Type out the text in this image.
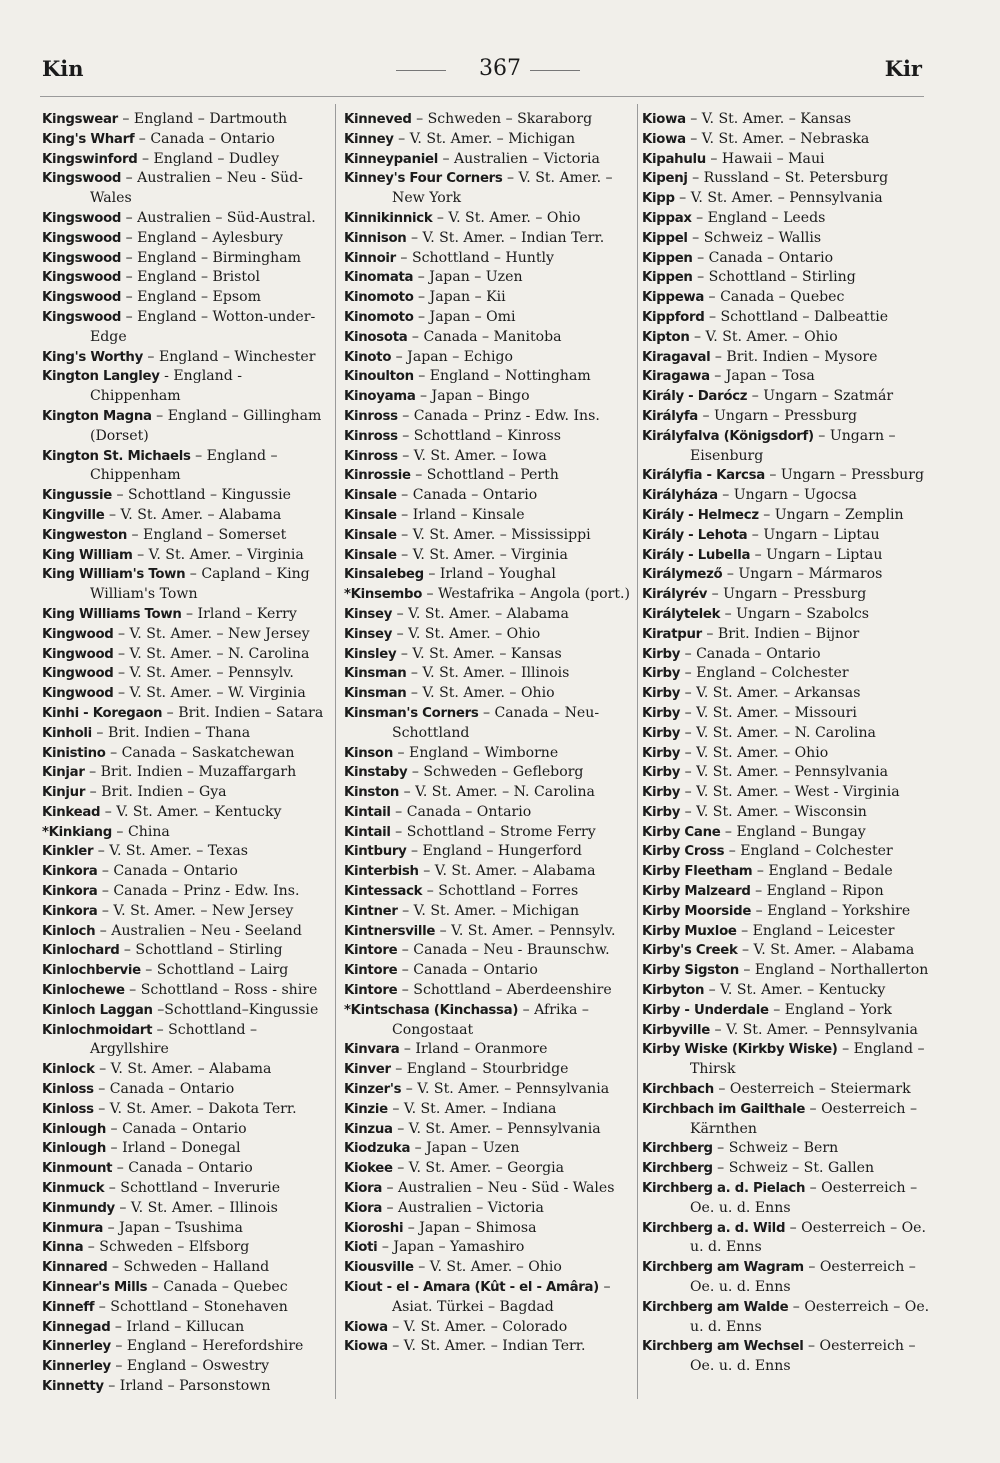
Kin	367	Kir
Kingswear – England – Dartmouth
King's Wharf – Canada – Ontario
Kingswinford – England – Dudley
Kingswood – Australien – Neu - Süd-Wales
Kingswood – Australien – Süd-Austral.
Kingswood – England – Aylesbury
Kingswood – England – Birmingham
Kingswood – England – Bristol
Kingswood – England – Epsom
Kingswood – England – Wotton-under-Edge
King's Worthy – England – Winchester
Kington Langley - England - Chippenham
Kington Magna – England – Gillingham (Dorset)
Kington St. Michaels – England – Chippenham
Kingussie – Schottland – Kingussie
Kingville – V. St. Amer. – Alabama
Kingweston – England – Somerset
King William – V. St. Amer. – Virginia
King William's Town – Capland – King William's Town
King Williams Town – Irland – Kerry
Kingwood – V. St. Amer. – New Jersey
Kingwood – V. St. Amer. – N. Carolina
Kingwood – V. St. Amer. – Pennsylv.
Kingwood – V. St. Amer. – W. Virginia
Kinhi - Koregaon – Brit. Indien – Satara
Kinholi – Brit. Indien – Thana
Kinistino – Canada – Saskatchewan
Kinjar – Brit. Indien – Muzaffargarh
Kinjur – Brit. Indien – Gya
Kinkead – V. St. Amer. – Kentucky
*Kinkiang – China
Kinkler – V. St. Amer. – Texas
Kinkora – Canada – Ontario
Kinkora – Canada – Prinz - Edw. Ins.
Kinkora – V. St. Amer. – New Jersey
Kinloch – Australien – Neu - Seeland
Kinlochard – Schottland – Stirling
Kinlochbervie – Schottland – Lairg
Kinlochewe – Schottland – Ross - shire
Kinloch Laggan –Schottland–Kingussie
Kinlochmoidart – Schottland – Argyllshire
Kinlock – V. St. Amer. – Alabama
Kinloss – Canada – Ontario
Kinloss – V. St. Amer. – Dakota Terr.
Kinlough – Canada – Ontario
Kinlough – Irland – Donegal
Kinmount – Canada – Ontario
Kinmuck – Schottland – Inverurie
Kinmundy – V. St. Amer. – Illinois
Kinmura – Japan – Tsushima
Kinna – Schweden – Elfsborg
Kinnared – Schweden – Halland
Kinnear's Mills – Canada – Quebec
Kinneff – Schottland – Stonehaven
Kinnegad – Irland – Killucan
Kinnerley – England – Herefordshire
Kinnerley – England – Oswestry
Kinnetty – Irland – Parsonstown
Kinneved – Schweden – Skaraborg
Kinney – V. St. Amer. – Michigan
Kinneypaniel – Australien – Victoria
Kinney's Four Corners – V. St. Amer. – New York
Kinnikinnick – V. St. Amer. – Ohio
Kinnison – V. St. Amer. – Indian Terr.
Kinnoir – Schottland – Huntly
Kinomata – Japan – Uzen
Kinomoto – Japan – Kii
Kinomoto – Japan – Omi
Kinosota – Canada – Manitoba
Kinoto – Japan – Echigo
Kinoulton – England – Nottingham
Kinoyama – Japan – Bingo
Kinross – Canada – Prinz - Edw. Ins.
Kinross – Schottland – Kinross
Kinross – V. St. Amer. – Iowa
Kinrossie – Schottland – Perth
Kinsale – Canada – Ontario
Kinsale – Irland – Kinsale
Kinsale – V. St. Amer. – Mississippi
Kinsale – V. St. Amer. – Virginia
Kinsalebeg – Irland – Youghal
*Kinsembo – Westafrika – Angola (port.)
Kinsey – V. St. Amer. – Alabama
Kinsey – V. St. Amer. – Ohio
Kinsley – V. St. Amer. – Kansas
Kinsman – V. St. Amer. – Illinois
Kinsman – V. St. Amer. – Ohio
Kinsman's Corners – Canada – Neu-Schottland
Kinson – England – Wimborne
Kinstaby – Schweden – Gefleborg
Kinston – V. St. Amer. – N. Carolina
Kintail – Canada – Ontario
Kintail – Schottland – Strome Ferry
Kintbury – England – Hungerford
Kinterbish – V. St. Amer. – Alabama
Kintessack – Schottland – Forres
Kintner – V. St. Amer. – Michigan
Kintnersville – V. St. Amer. – Pennsylv.
Kintore – Canada – Neu - Braunschw.
Kintore – Canada – Ontario
Kintore – Schottland – Aberdeenshire
*Kintschasa (Kinchassa) – Afrika – Congostaat
Kinvara – Irland – Oranmore
Kinver – England – Stourbridge
Kinzer's – V. St. Amer. – Pennsylvania
Kinzie – V. St. Amer. – Indiana
Kinzua – V. St. Amer. – Pennsylvania
Kiodzuka – Japan – Uzen
Kiokee – V. St. Amer. – Georgia
Kiora – Australien – Neu - Süd - Wales
Kiora – Australien – Victoria
Kioroshi – Japan – Shimosa
Kioti – Japan – Yamashiro
Kiousville – V. St. Amer. – Ohio
Kiout - el - Amara (Kût - el - Amâra) – Asiat. Türkei – Bagdad
Kiowa – V. St. Amer. – Colorado
Kiowa – V. St. Amer. – Indian Terr.
Kiowa – V. St. Amer. – Kansas
Kiowa – V. St. Amer. – Nebraska
Kipahulu – Hawaii – Maui
Kipenj – Russland – St. Petersburg
Kipp – V. St. Amer. – Pennsylvania
Kippax – England – Leeds
Kippel – Schweiz – Wallis
Kippen – Canada – Ontario
Kippen – Schottland – Stirling
Kippewa – Canada – Quebec
Kippford – Schottland – Dalbeattie
Kipton – V. St. Amer. – Ohio
Kiragaval – Brit. Indien – Mysore
Kiragawa – Japan – Tosa
Király - Darócz – Ungarn – Szatmár
Királyfa – Ungarn – Pressburg
Királyfalva (Königsdorf) – Ungarn – Eisenburg
Királyfia - Karcsa – Ungarn – Pressburg
Királyháza – Ungarn – Ugocsa
Király - Helmecz – Ungarn – Zemplin
Király - Lehota – Ungarn – Liptau
Király - Lubella – Ungarn – Liptau
Királymező – Ungarn – Mármaros
Királyrév – Ungarn – Pressburg
Királytelek – Ungarn – Szabolcs
Kiratpur – Brit. Indien – Bijnor
Kirby – Canada – Ontario
Kirby – England – Colchester
Kirby – V. St. Amer. – Arkansas
Kirby – V. St. Amer. – Missouri
Kirby – V. St. Amer. – N. Carolina
Kirby – V. St. Amer. – Ohio
Kirby – V. St. Amer. – Pennsylvania
Kirby – V. St. Amer. – West - Virginia
Kirby – V. St. Amer. – Wisconsin
Kirby Cane – England – Bungay
Kirby Cross – England – Colchester
Kirby Fleetham – England – Bedale
Kirby Malzeard – England – Ripon
Kirby Moorside – England – Yorkshire
Kirby Muxloe – England – Leicester
Kirby's Creek – V. St. Amer. – Alabama
Kirby Sigston – England – Northallerton
Kirbyton – V. St. Amer. – Kentucky
Kirby - Underdale – England – York
Kirbyville – V. St. Amer. – Pennsylvania
Kirby Wiske (Kirkby Wiske) – England – Thirsk
Kirchbach – Oesterreich – Steiermark
Kirchbach im Gailthale – Oesterreich – Kärnthen
Kirchberg – Schweiz – Bern
Kirchberg – Schweiz – St. Gallen
Kirchberg a. d. Pielach – Oesterreich – Oe. u. d. Enns
Kirchberg a. d. Wild – Oesterreich – Oe. u. d. Enns
Kirchberg am Wagram – Oesterreich – Oe. u. d. Enns
Kirchberg am Walde – Oesterreich – Oe. u. d. Enns
Kirchberg am Wechsel – Oesterreich – Oe. u. d. Enns
